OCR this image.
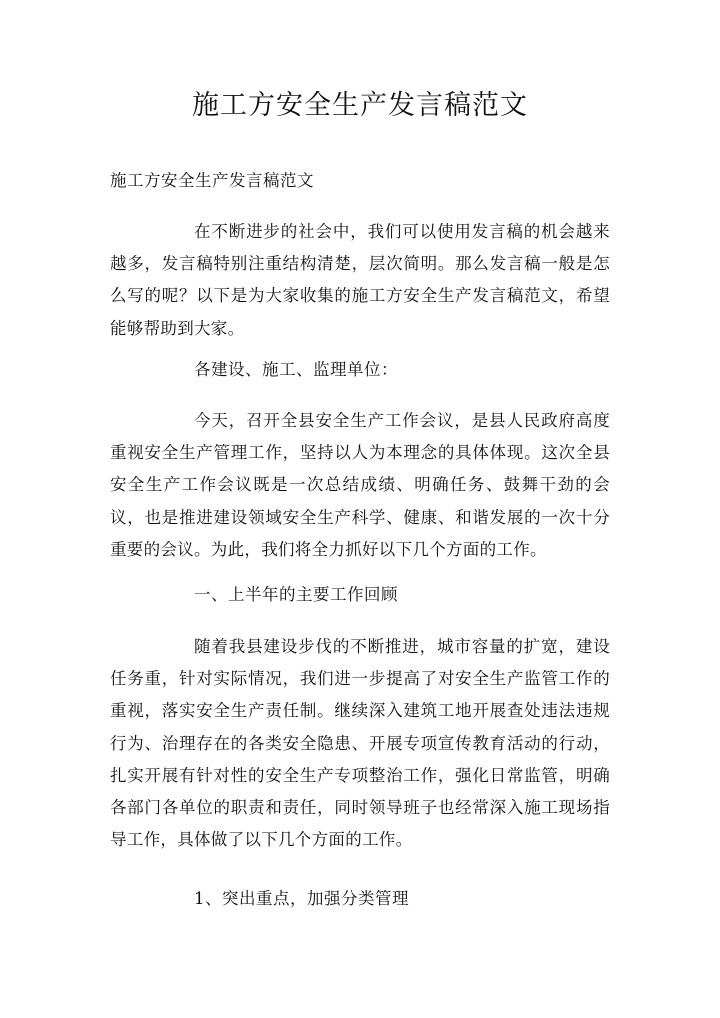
施工方安全生产发言稿范文
施工方安全生产发言稿范文

在不断进步的社会中，我们可以使用发言稿的机会越来越多，发言稿特别注重结构清楚，层次简明。那么发言稿一般是怎么写的呢？以下是为大家收集的施工方安全生产发言稿范文，希望能够帮助到大家。

各建设、施工、监理单位：

今天，召开全县安全生产工作会议，是县人民政府高度重视安全生产管理工作，坚持以人为本理念的具体体现。这次全县安全生产工作会议既是一次总结成绩、明确任务、鼓舞干劲的会议，也是推进建设领域安全生产科学、健康、和谐发展的一次十分重要的会议。为此，我们将全力抓好以下几个方面的工作。

一、上半年的主要工作回顾

随着我县建设步伐的不断推进，城市容量的扩宽，建设任务重，针对实际情况，我们进一步提高了对安全生产监管工作的重视，落实安全生产责任制。继续深入建筑工地开展查处违法违规行为、治理存在的各类安全隐患、开展专项宣传教育活动的行动，扎实开展有针对性的安全生产专项整治工作，强化日常监管，明确各部门各单位的职责和责任，同时领导班子也经常深入施工现场指导工作，具体做了以下几个方面的工作。

1、突出重点，加强分类管理
